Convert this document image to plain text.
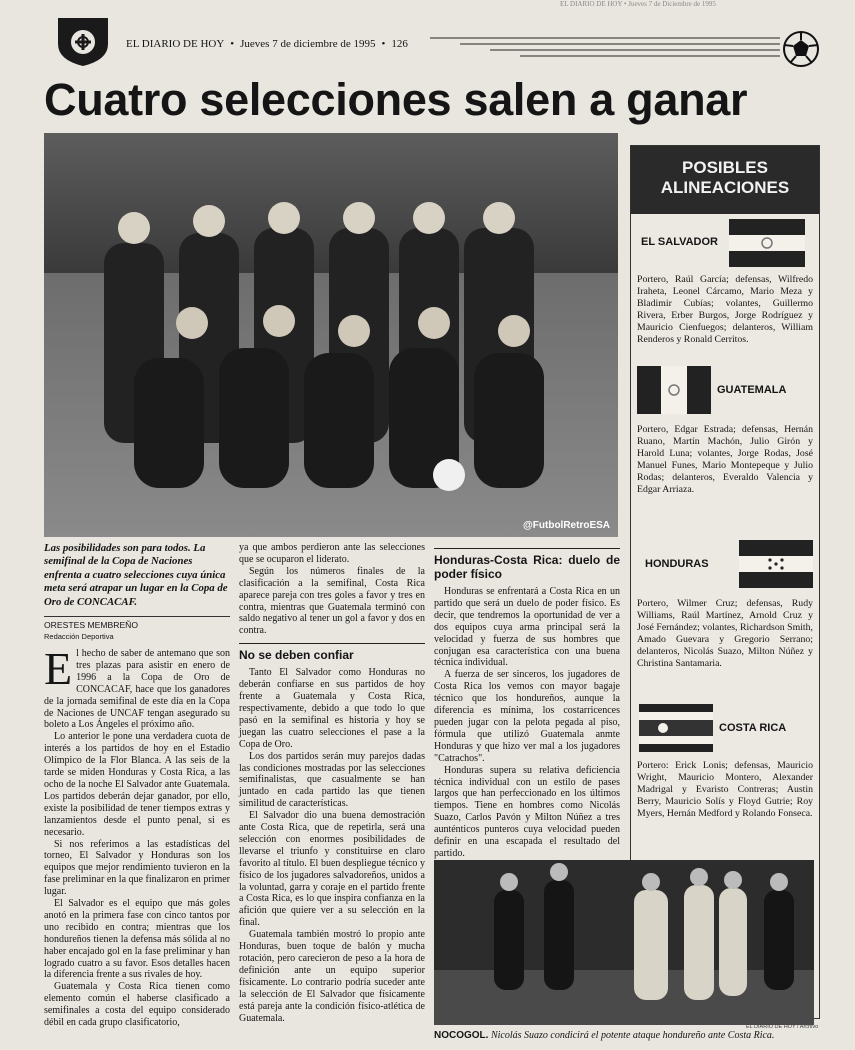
EL DIARIO DE HOY • Jueves 7 de Diciembre de 1995
EL DIARIO DE HOY • Jueves 7 de diciembre de 1995 • 126
Cuatro selecciones salen a ganar
@FutbolRetroESA
Las posibilidades son para todos. La semifinal de la Copa de Naciones enfrenta a cuatro selecciones cuya única meta será atrapar un lugar en la Copa de Oro de CONCACAF.
ORESTES MEMBREÑO
Redacción Deportiva

El hecho de saber de antemano que son tres plazas para asistir en enero de 1996 a la Copa de Oro de CONCACAF, hace que los ganadores de la jornada semifinal de este día en la Copa de Naciones de UNCAF tengan asegurado su boleto a Los Ángeles el próximo año.

Lo anterior le pone una verdadera cuota de interés a los partidos de hoy en el Estadio Olímpico de la Flor Blanca. A las seis de la tarde se miden Honduras y Costa Rica, a las ocho de la noche El Salvador ante Guatemala. Los partidos deberán dejar ganador, por ello, existe la posibilidad de tener tiempos extras y lanzamientos desde el punto penal, si es necesario.

Si nos referimos a las estadísticas del torneo, El Salvador y Honduras son los equipos que mejor rendimiento tuvieron en la fase preliminar en la que finalizaron en primer lugar.

El Salvador es el equipo que más goles anotó en la primera fase con cinco tantos por uno recibido en contra; mientras que los hondureños tienen la defensa más sólida al no haber encajado gol en la fase preliminar y han logrado cuatro a su favor. Esos detalles hacen la diferencia frente a sus rivales de hoy.

Guatemala y Costa Rica tienen como elemento común el haberse clasificado a semifinales a costa del equipo considerado débil en cada grupo clasificatorio,

ya que ambos perdieron ante las selecciones que se ocuparon el liderato.

Según los números finales de la clasificación a la semifinal, Costa Rica aparece pareja con tres goles a favor y tres en contra, mientras que Guatemala terminó con saldo negativo al tener un gol a favor y dos en contra.

No se deben confiar

Tanto El Salvador como Honduras no deberán confiarse en sus partidos de hoy frente a Guatemala y Costa Rica, respectivamente, debido a que todo lo que pasó en la semifinal es historia y hoy se juegan las cuatro selecciones el pase a la Copa de Oro.

Los dos partidos serán muy parejos dadas las condiciones mostradas por las selecciones semifinalistas, que casualmente se han juntado en cada partido las que tienen similitud de características.

El Salvador dio una buena demostración ante Costa Rica, que de repetirla, será una selección con enormes posibilidades de llevarse el triunfo y constituirse en claro favorito al título. El buen despliegue técnico y físico de los jugadores salvadoreños, unidos a la voluntad, garra y coraje en el partido frente a Costa Rica, es lo que inspira confianza en la afición que quiere ver a su selección en la final.

Guatemala también mostró lo propio ante Honduras, buen toque de balón y mucha rotación, pero carecieron de peso a la hora de definición ante un equipo superior físicamente. Lo contrario podría suceder ante la selección de El Salvador que físicamente está pareja ante la condición físico-atlética de Guatemala.

Honduras-Costa Rica: duelo de poder físico

Honduras se enfrentará a Costa Rica en un partido que será un duelo de poder físico. Es decir, que tendremos la oportunidad de ver a dos equipos cuya arma principal será la velocidad y fuerza de sus hombres que conjugan esa característica con una buena técnica individual.

A fuerza de ser sinceros, los jugadores de Costa Rica los vemos con mayor bagaje técnico que los hondureños, aunque la diferencia es mínima, los costarricences pueden jugar con la pelota pegada al piso, fórmula que utilizó Guatemala anmte Honduras y que hizo ver mal a los jugadores "Catrachos".

Honduras supera su relativa deficiencia técnica individual con un estilo de pases largos que han perfeccionado en los últimos tiempos. Tiene en hombres como Nicolás Suazo, Carlos Pavón y Milton Núñez a tres aunténticos punteros cuya velocidad pueden definir en una escapada el resultado del partido.

POSIBLES
ALINEACIONES
EL SALVADOR
Portero, Raúl García; defensas, Wilfredo Iraheta, Leonel Cárcamo, Mario Meza y Bladimir Cubías; volantes, Guillermo Rivera, Erber Burgos, Jorge Rodríguez y Mauricio Cienfuegos; delanteros, William Renderos y Ronald Cerritos.
GUATEMALA
Portero, Edgar Estrada; defensas, Hernán Ruano, Martín Machón, Julio Girón y Harold Luna; volantes, Jorge Rodas, José Manuel Funes, Mario Montepeque y Julio Rodas; delanteros, Everaldo Valencia y Edgar Arriaza.
HONDURAS
Portero, Wilmer Cruz; defensas, Rudy Williams, Raúl Martínez, Arnold Cruz y José Fernández; volantes, Richardson Smith, Amado Guevara y Gregorio Serrano; delanteros, Nicolás Suazo, Milton Núñez y Christina Santamaria.
COSTA RICA
Portero: Erick Lonis; defensas, Mauricio Wright, Mauricio Montero, Alexander Madrigal y Evaristo Contreras; Austin Berry, Mauricio Solís y Floyd Gutrie; Roy Myers, Hernán Medford y Rolando Fonseca.
EL DIARIO DE HOY / Archivo
NOCOGOL. Nicolás Suazo condicirá el potente ataque hondureño ante Costa Rica.
